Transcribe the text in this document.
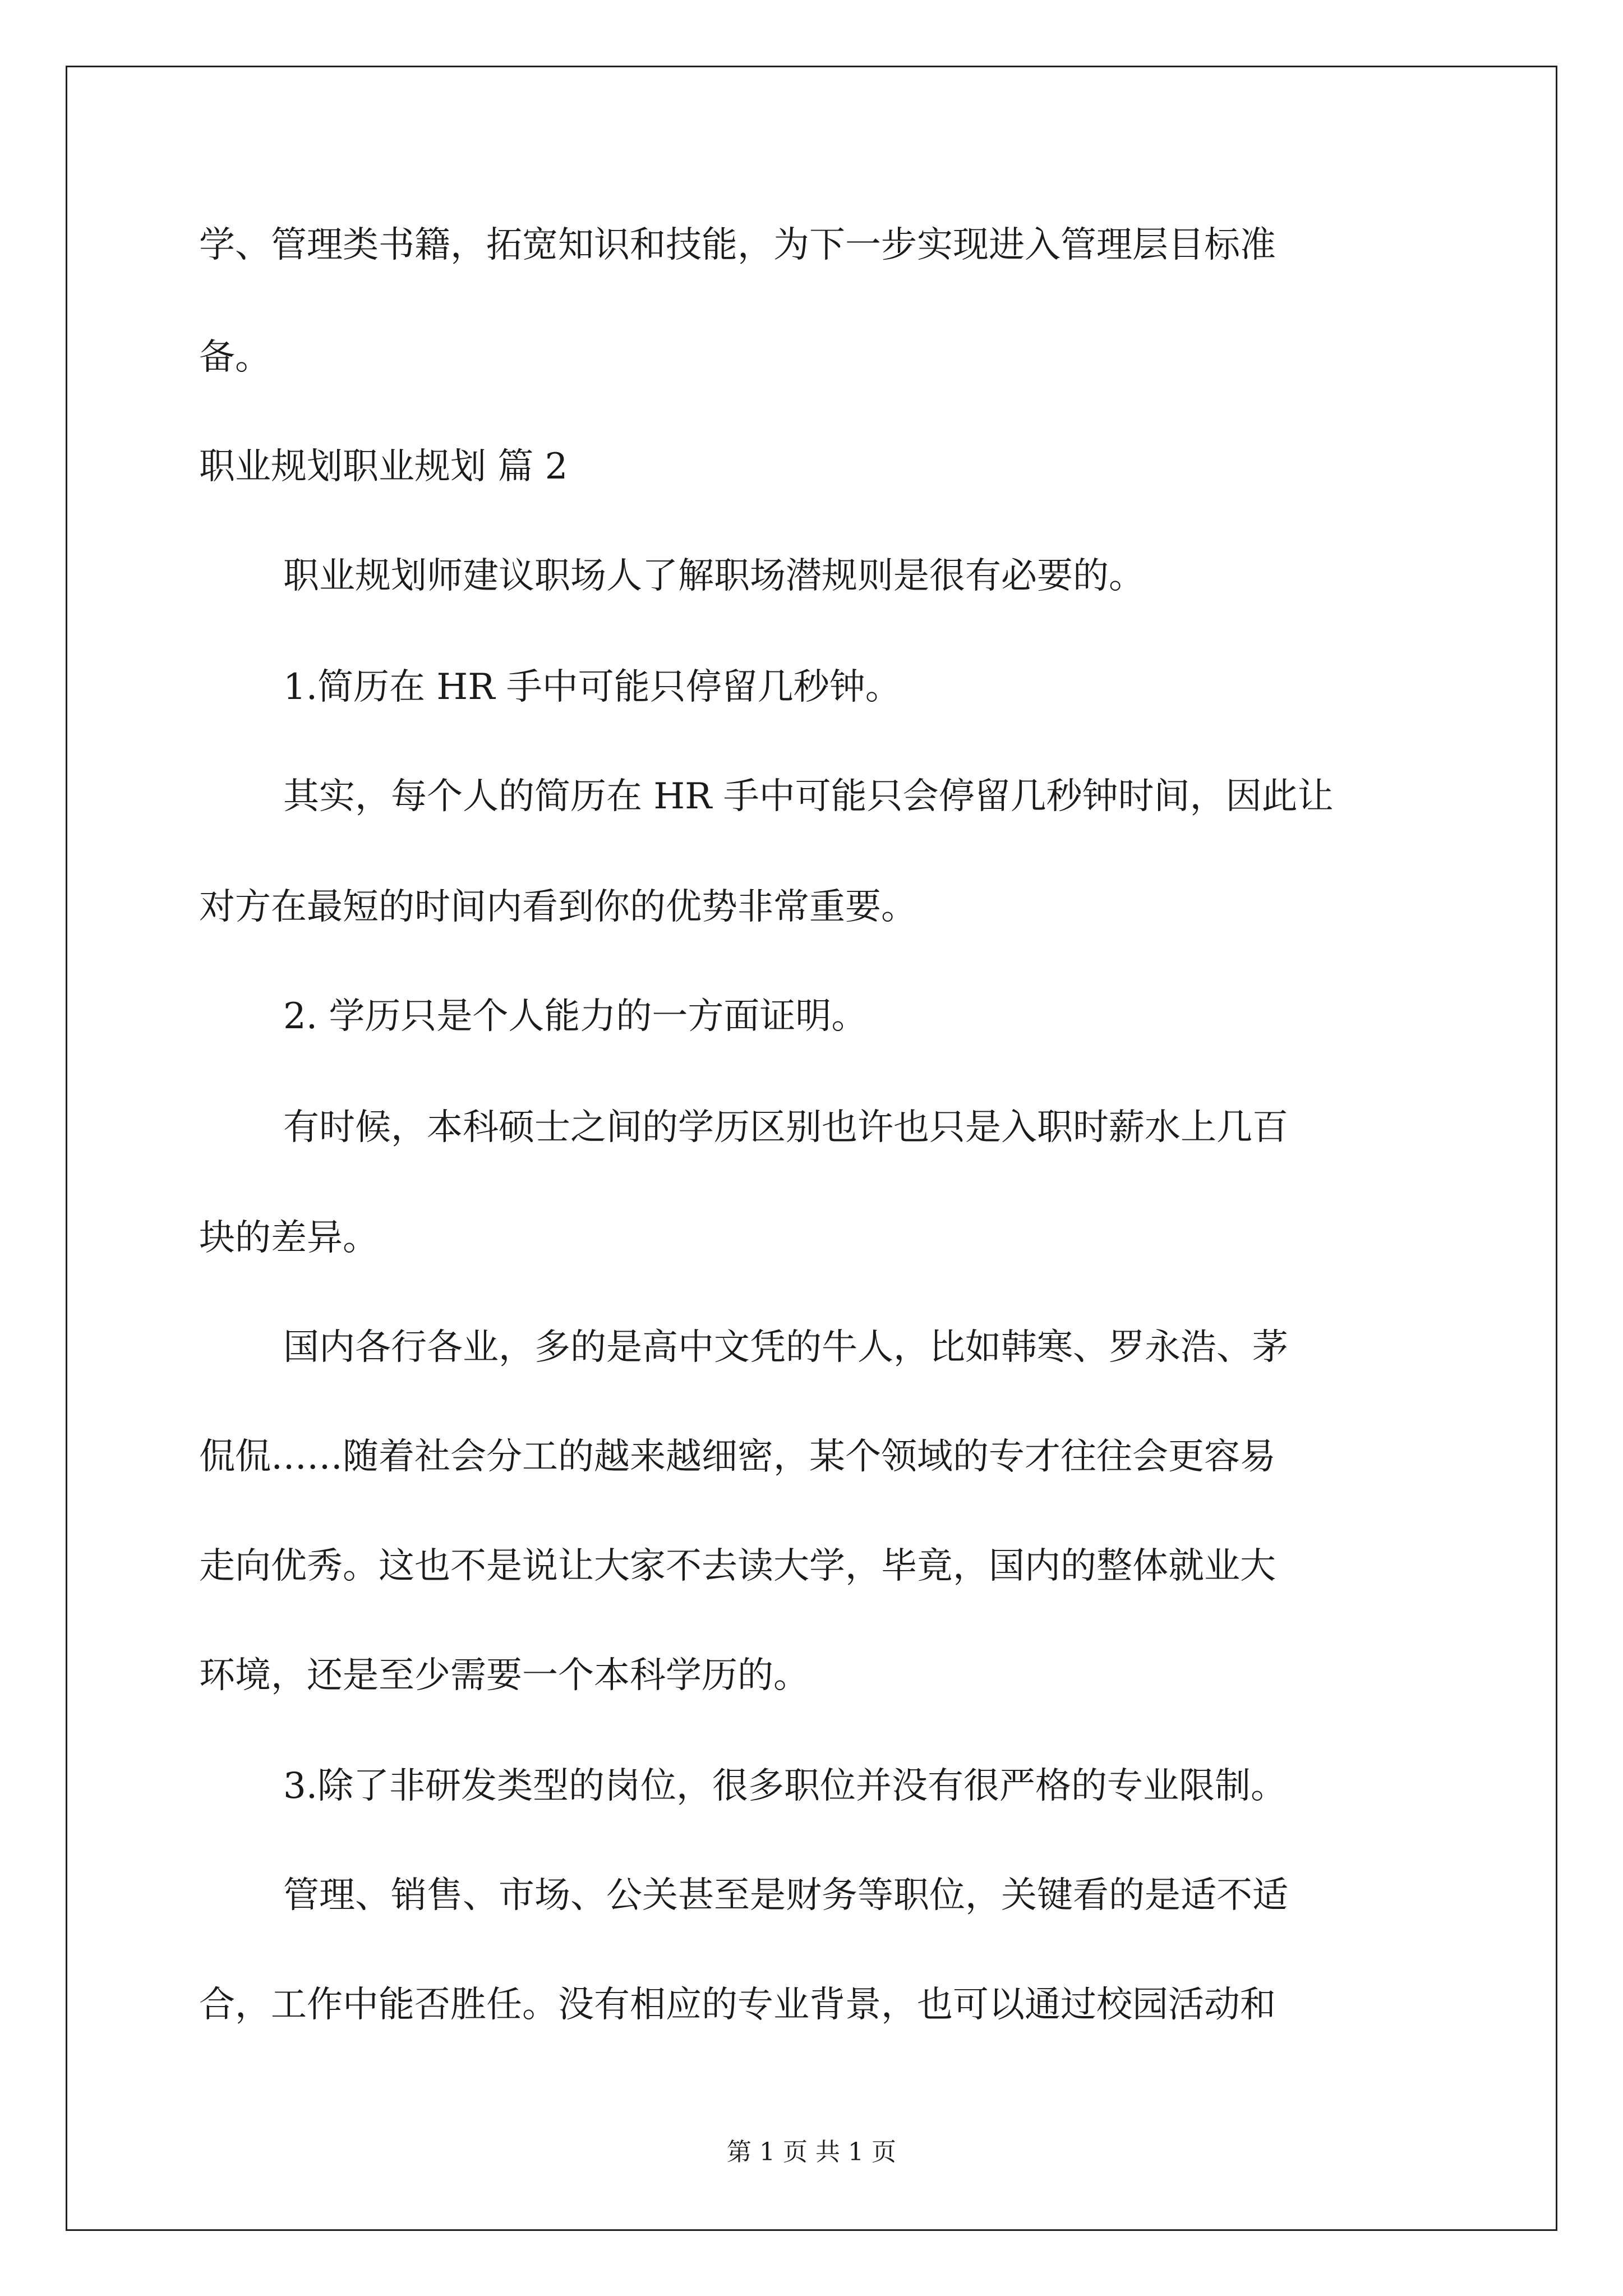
学、管理类书籍，拓宽知识和技能，为下一步实现进入管理层目标准
备。
职业规划职业规划 篇 2
职业规划师建议职场人了解职场潜规则是很有必要的。
1.简历在 HR 手中可能只停留几秒钟。
其实，每个人的简历在 HR 手中可能只会停留几秒钟时间，因此让
对方在最短的时间内看到你的优势非常重要。
2. 学历只是个人能力的一方面证明。
有时候，本科硕士之间的学历区别也许也只是入职时薪水上几百
块的差异。
国内各行各业，多的是高中文凭的牛人，比如韩寒、罗永浩、茅
侃侃……随着社会分工的越来越细密，某个领域的专才往往会更容易
走向优秀。这也不是说让大家不去读大学，毕竟，国内的整体就业大
环境，还是至少需要一个本科学历的。
3.除了非研发类型的岗位，很多职位并没有很严格的专业限制。
管理、销售、市场、公关甚至是财务等职位，关键看的是适不适
合，工作中能否胜任。没有相应的专业背景，也可以通过校园活动和
第 1 页 共 1 页
